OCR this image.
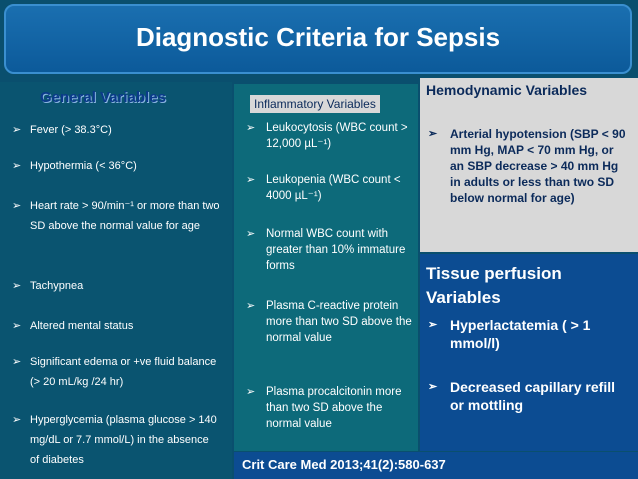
Diagnostic Criteria for Sepsis
General Variables	Inflammatory Variables
Hemodynamic Variables
Tissue perfusion Variables
➢ Fever (> 38.3°C)
➢ Hypothermia (< 36°C)
➢ Heart rate > 90/min⁻¹ or more than two SD above the normal value for age
➢ Tachypnea
➢ Altered mental status
➢ Significant edema or +ve fluid balance (> 20 mL/kg /24 hr)
➢ Hyperglycemia (plasma glucose > 140 mg/dL or 7.7 mmol/L) in the absence of diabetes
➢ Leukocytosis (WBC count > 12,000 µL⁻¹)
➢ Leukopenia (WBC count < 4000 µL⁻¹)
➢ Normal WBC count with greater than 10% immature forms
➢ Plasma C-reactive protein more than two SD above the normal value
➢ Plasma procalcitonin more than two SD above the normal value
➢ Arterial hypotension (SBP < 90 mm Hg, MAP < 70 mm Hg, or an SBP decrease > 40 mm Hg in adults or less than two SD below normal for age)
➢ Hyperlactatemia ( > 1 mmol/l)
➢ Decreased capillary refill or mottling
Crit Care Med 2013;41(2):580-637
